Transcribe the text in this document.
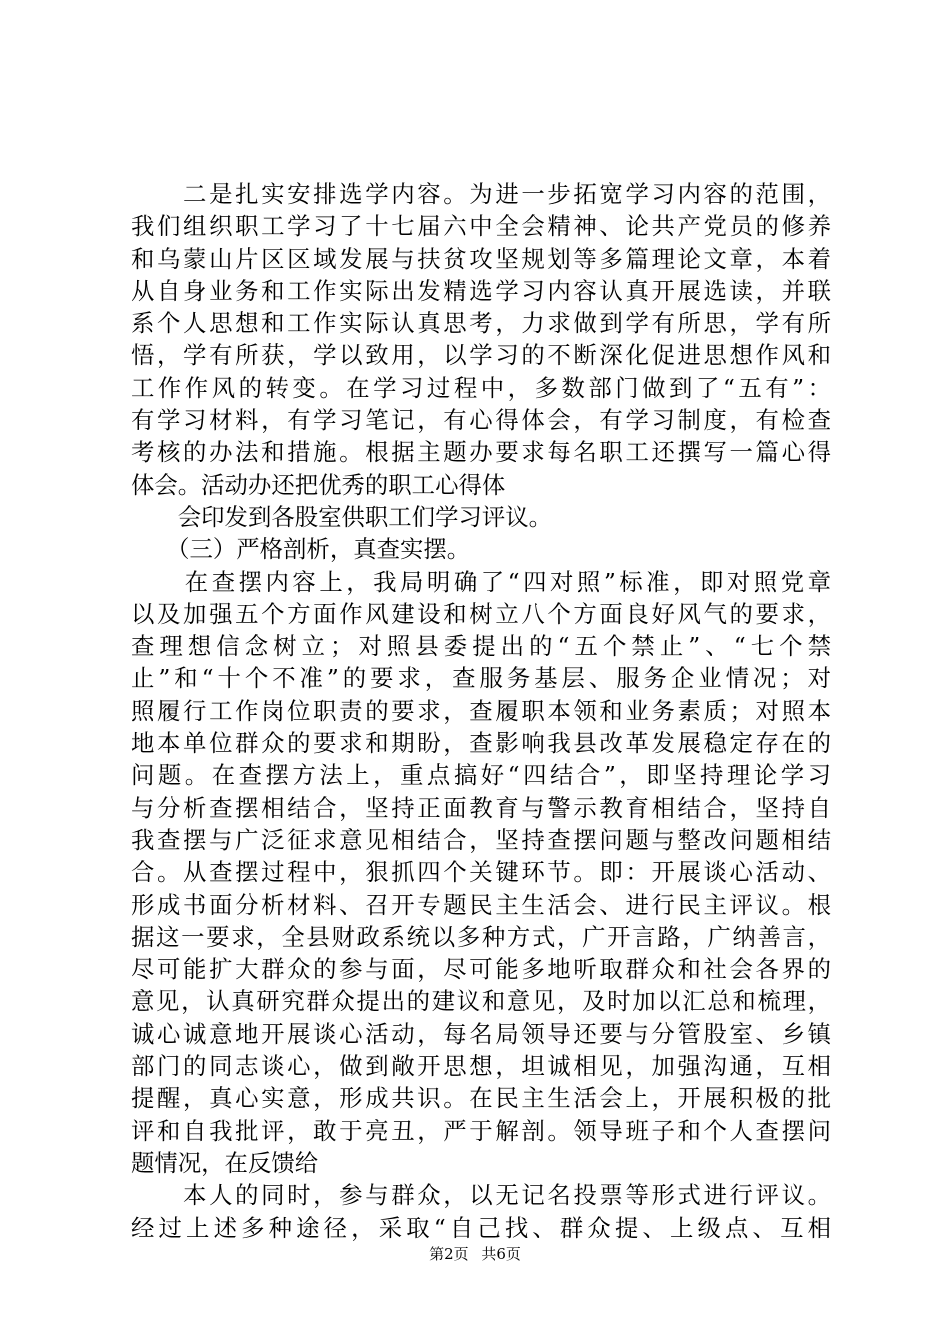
　　二是扎实安排选学内容。为进一步拓宽学习内容的范围，
我们组织职工学习了十七届六中全会精神、论共产党员的修养
和乌蒙山片区区域发展与扶贫攻坚规划等多篇理论文章，本着
从自身业务和工作实际出发精选学习内容认真开展选读，并联
系个人思想和工作实际认真思考，力求做到学有所思，学有所
悟，学有所获，学以致用，以学习的不断深化促进思想作风和
工作作风的转变。在学习过程中，多数部门做到了“五有”：
有学习材料，有学习笔记，有心得体会，有学习制度，有检查
考核的办法和措施。根据主题办要求每名职工还撰写一篇心得
体会。活动办还把优秀的职工心得体
　　会印发到各股室供职工们学习评议。
　　（三）严格剖析，真查实摆。
　　在查摆内容上，我局明确了“四对照”标准，即对照党章
以及加强五个方面作风建设和树立八个方面良好风气的要求，
查理想信念树立；对照县委提出的“五个禁止”、“七个禁
止”和“十个不准”的要求，查服务基层、服务企业情况；对
照履行工作岗位职责的要求，查履职本领和业务素质；对照本
地本单位群众的要求和期盼，查影响我县改革发展稳定存在的
问题。在查摆方法上，重点搞好“四结合”，即坚持理论学习
与分析查摆相结合，坚持正面教育与警示教育相结合，坚持自
我查摆与广泛征求意见相结合，坚持查摆问题与整改问题相结
合。从查摆过程中，狠抓四个关键环节。即：开展谈心活动、
形成书面分析材料、召开专题民主生活会、进行民主评议。根
据这一要求，全县财政系统以多种方式，广开言路，广纳善言，
尽可能扩大群众的参与面，尽可能多地听取群众和社会各界的
意见，认真研究群众提出的建议和意见，及时加以汇总和梳理，
诚心诚意地开展谈心活动，每名局领导还要与分管股室、乡镇
部门的同志谈心，做到敞开思想，坦诚相见，加强沟通，互相
提醒，真心实意，形成共识。在民主生活会上，开展积极的批
评和自我批评，敢于亮丑，严于解剖。领导班子和个人查摆问
题情况，在反馈给
　　本人的同时，参与群众，以无记名投票等形式进行评议。
经过上述多种途径，采取“自己找、群众提、上级点、互相
第2页 共6页
